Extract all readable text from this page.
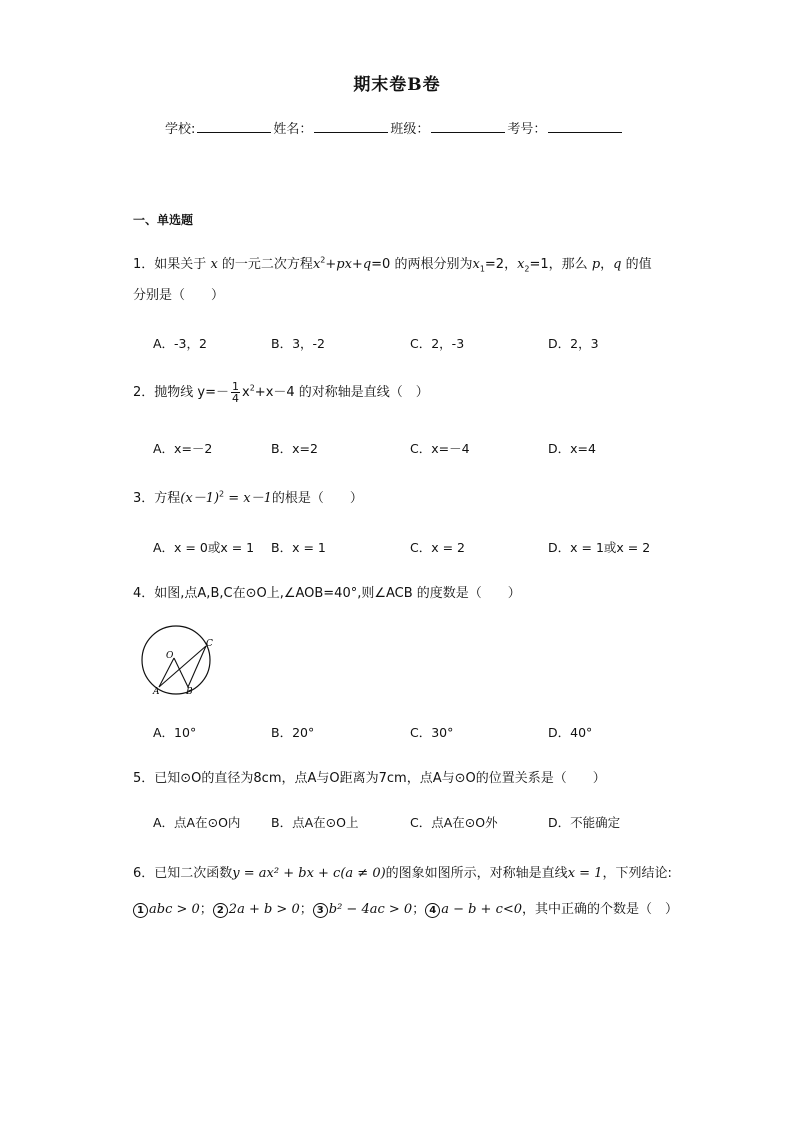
期末卷B卷
学校:	姓名：	班级：	考号：
一、单选题
1．如果关于 x 的一元二次方程$x^2+px+q=0$ 的两根分别为$x_1=2$，$x_2=1$，那么 p，q 的值
分别是（　　）
A．-3，2	B．3，-2	C．2，-3	D．2，3
2．抛物线 $y=- \frac{1}{4} x^2+x-4$ 的对称轴是直线（　）
A．x=－2	B．x=2	C．x=－4	D．x=4
3．方程$(x-1)^2 = x-1$的根是（　　）
A．x = 0或x = 1 B．x = 1	C．x = 2	D．x = 1或x = 2
4．如图,点A,B,C在⊙O上,∠AOB=40°,则∠ACB 的度数是（　　）
O
C
A	B
A．10°	B．20°	C．30°	D．40°
5．已知⊙O的直径为8cm，点A与O距离为7cm，点A与⊙O的位置关系是（　　）
A．点A在⊙O内 B．点A在⊙O上	C．点A在⊙O外	D．不能确定
6．已知二次函数y = ax² + bx + c(a ≠ 0)的图象如图所示，对称轴是直线x = 1，下列结论:
1 abc > 0； 2 2a + b > 0； 3 b² − 4ac > 0； 4 a − b + c<0，其中正确的个数是（　）
